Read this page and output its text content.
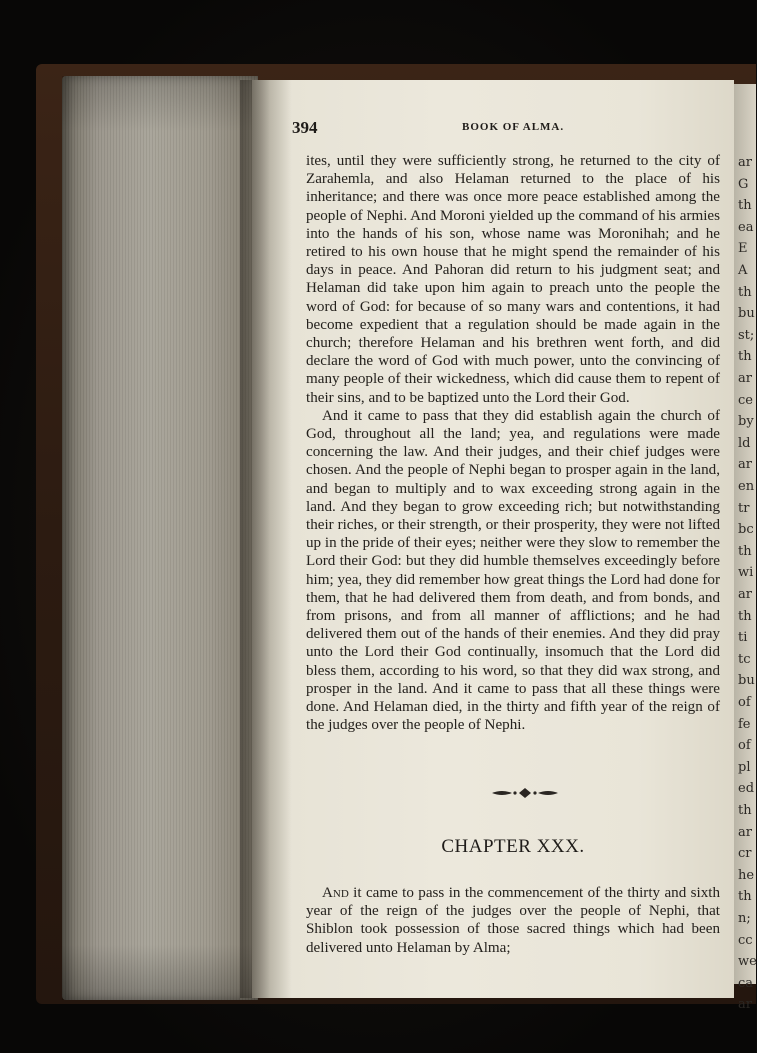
394	BOOK OF ALMA.

ites, until they were sufficiently strong, he returned to the city of Zarahemla, and also Helaman returned to the place of his inheritance; and there was once more peace established among the people of Nephi. And Moroni yielded up the command of his armies into the hands of his son, whose name was Moronihah; and he retired to his own house that he might spend the remainder of his days in peace. And Pahoran did return to his judgment seat; and Helaman did take upon him again to preach unto the people the word of God: for because of so many wars and contentions, it had become expedient that a regulation should be made again in the church; therefore Helaman and his brethren went forth, and did declare the word of God with much power, unto the convincing of many people of their wickedness, which did cause them to repent of their sins, and to be baptized unto the Lord their God.

And it came to pass that they did establish again the church of God, throughout all the land; yea, and regulations were made concerning the law. And their judges, and their chief judges were chosen. And the people of Nephi began to prosper again in the land, and began to multiply and to wax exceeding strong again in the land. And they began to grow exceeding rich; but notwithstanding their riches, or their strength, or their prosperity, they were not lifted up in the pride of their eyes; neither were they slow to remember the Lord their God: but they did humble themselves exceedingly before him; yea, they did remember how great things the Lord had done for them, that he had delivered them from death, and from bonds, and from prisons, and from all manner of afflictions; and he had delivered them out of the hands of their enemies. And they did pray unto the Lord their God continually, insomuch that the Lord did bless them, according to his word, so that they did wax strong, and prosper in the land. And it came to pass that all these things were done. And Helaman died, in the thirty and fifth year of the reign of the judges over the people of Nephi.

CHAPTER XXX.

And it came to pass in the commencement of the thirty and sixth year of the reign of the judges over the people of Nephi, that Shiblon took possession of those sacred things which had been delivered unto Helaman by Alma;

ar
G
th
ea
E
A
th
bu
st;
th
ar
ce
by
ld
ar
en
tr
bc
th
wi
ar
th
ti
tc
bu
of
fe
of
pl
ed
th
ar
cr
he
th
n;
cc
we
ca
ar
